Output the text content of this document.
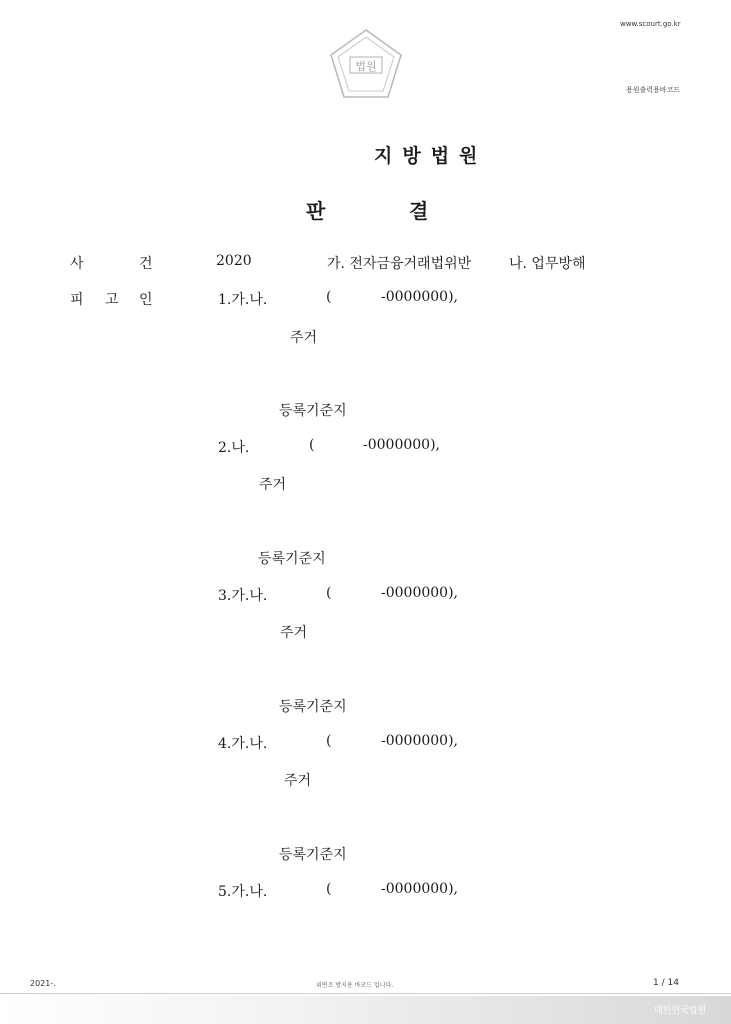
www.scourt.go.kr
용원출력용바코드
법원
지방법원
판	결
사	건	2020	가. 전자금융거래법위반	나. 업무방해
피 고 인	1.가.나.	(	-0000000),
주거
등록기준지
2.나.	(	-0000000),
주거
등록기준지
3.가.나.	(	-0000000),
주거
등록기준지
4.가.나.	(	-0000000),
주거
등록기준지
5.가.나.	(	-0000000),
2021-.	위변조 방지용 바코드 입니다.	1 / 14
대한민국법원
